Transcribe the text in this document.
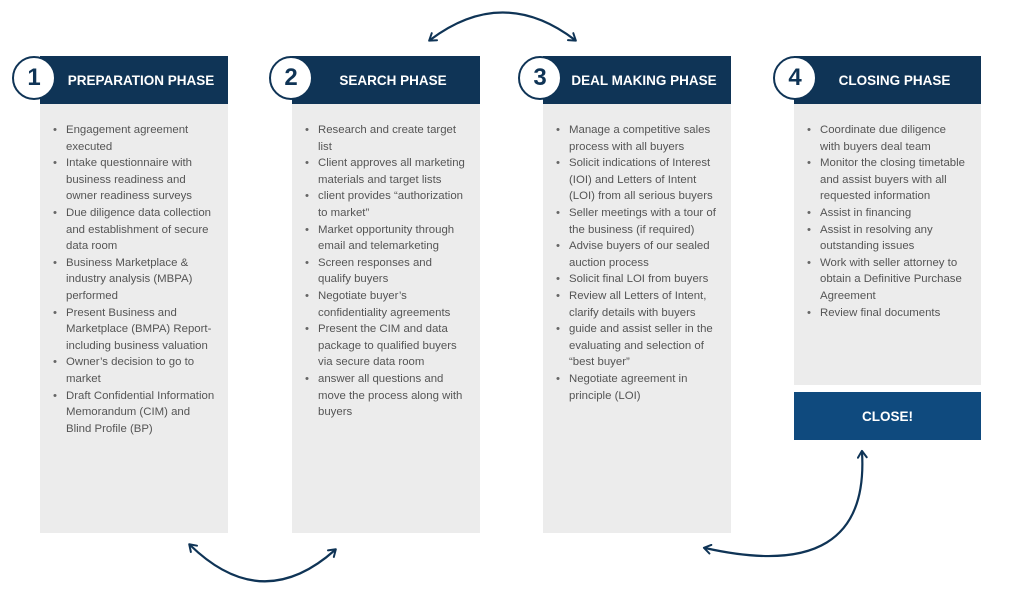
1	PREPARATION PHASE
• Engagement agreement executed
• Intake questionnaire with business readiness and owner readiness surveys
• Due diligence data collection and establishment of secure data room
• Business Marketplace & industry analysis (MBPA) performed
• Present Business and Marketplace (BMPA) Report- including business valuation
• Owner’s decision to go to market
• Draft Confidential Information Memorandum (CIM) and Blind Profile (BP)
2	SEARCH PHASE
• Research and create target list
• Client approves all marketing materials and target lists
• client provides “authorization to market”
• Market opportunity through email and telemarketing
• Screen responses and qualify buyers
• Negotiate buyer’s confidentiality agreements
• Present the CIM and data package to qualified buyers via secure data room
• answer all questions and move the process along with buyers
3	DEAL MAKING PHASE
• Manage a competitive sales process with all buyers
• Solicit indications of Interest (IOI) and Letters of Intent (LOI) from all serious buyers
• Seller meetings with a tour of the business (if required)
• Advise buyers of our sealed auction process
• Solicit final LOI from buyers
• Review all Letters of Intent, clarify details with buyers
• guide and assist seller in the evaluating and selection of “best buyer”
• Negotiate agreement in principle (LOI)
4	CLOSING PHASE
• Coordinate due diligence with buyers deal team
• Monitor the closing timetable and assist buyers with all requested information
• Assist in financing
• Assist in resolving any outstanding issues
• Work with seller attorney to obtain a Definitive Purchase Agreement
• Review final documents
CLOSE!
